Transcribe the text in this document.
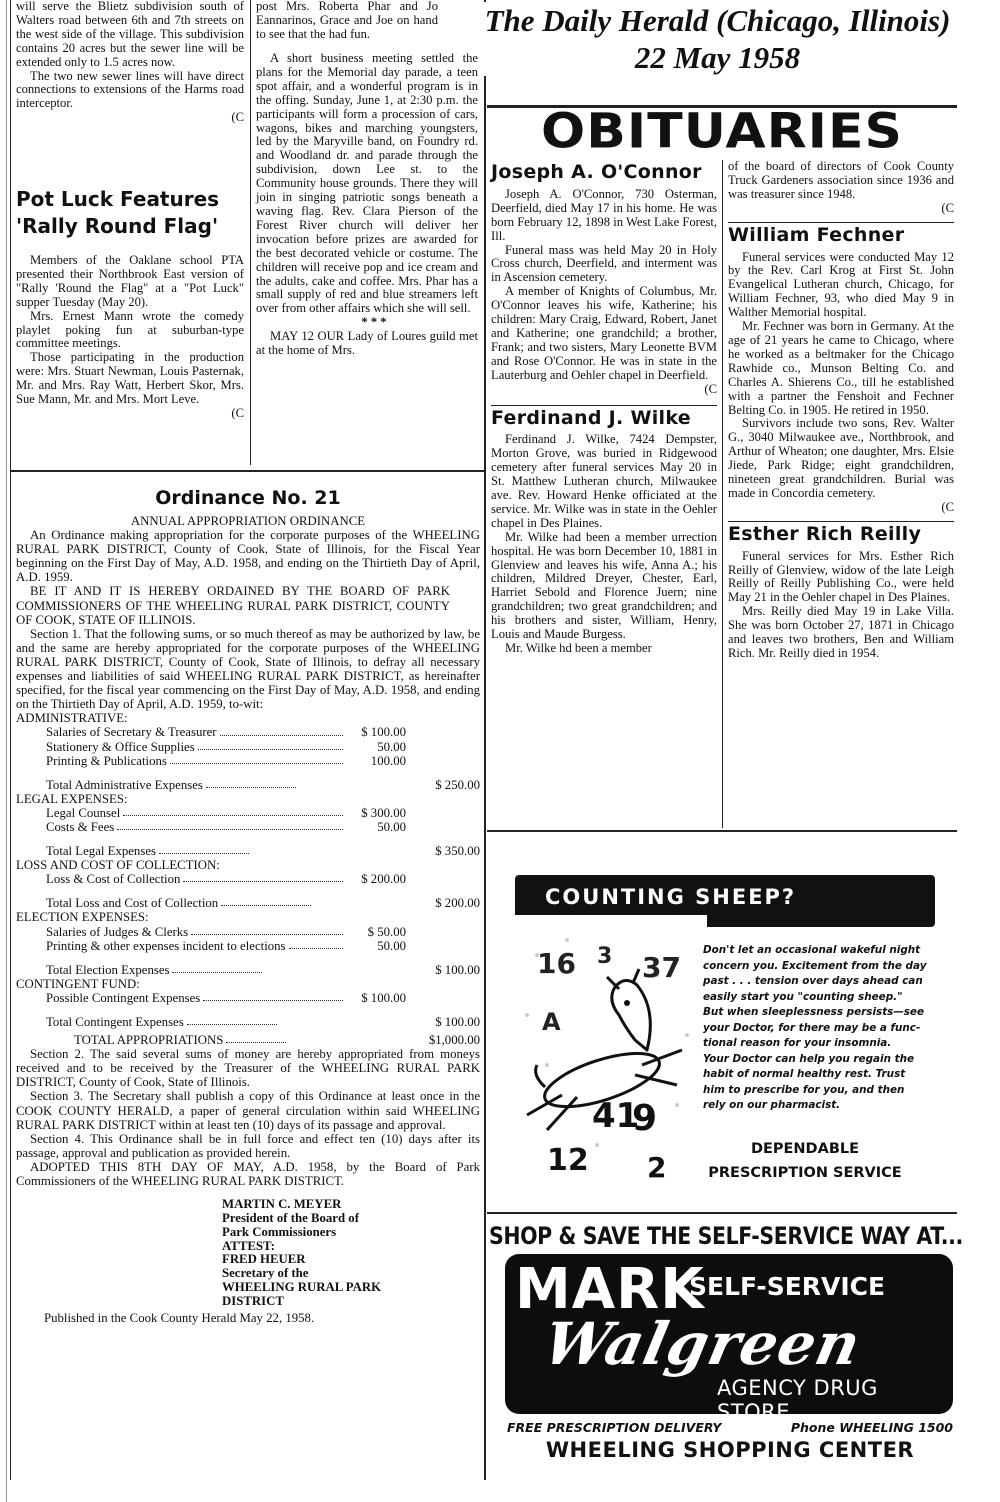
The Daily Herald (Chicago, Illinois)
22 May 1958

will serve the Blietz subdivision south of Walters road between 6th and 7th streets on the west side of the village. This subdivision contains 20 acres but the sewer line will be extended only to 1.5 acres now.

The two new sewer lines will have direct connections to extensions of the Harms road interceptor.

(C

Pot Luck Features
'Rally Round Flag'

Members of the Oaklane school PTA presented their Northbrook East version of "Rally 'Round the Flag" at a "Pot Luck" supper Tuesday (May 20).

Mrs. Ernest Mann wrote the comedy playlet poking fun at suburban-type committee meetings.

Those participating in the production were: Mrs. Stuart Newman, Louis Pasternak, Mr. and Mrs. Ray Watt, Herbert Skor, Mrs. Sue Mann, Mr. and Mrs. Mort Leve.

(C

post Mrs. Roberta Phar and Jo Eannarinos, Grace and Joe on hand to see that the had fun.

A short business meeting settled the plans for the Memorial day parade, a teen spot affair, and a wonderful program is in the offing. Sunday, June 1, at 2:30 p.m. the participants will form a procession of cars, wagons, bikes and marching youngsters, led by the Maryville band, on Foundry rd. and Woodland dr. and parade through the subdivision, down Lee st. to the Community house grounds. There they will join in singing patriotic songs beneath a waving flag. Rev. Clara Pierson of the Forest River church will deliver her invocation before prizes are awarded for the best decorated vehicle or costume. The children will receive pop and ice cream and the adults, cake and coffee. Mrs. Phar has a small supply of red and blue streamers left over from other affairs which she will sell.

* * *

MAY 12 OUR Lady of Loures guild met at the home of Mrs.

Ordinance No. 21
ANNUAL APPROPRIATION ORDINANCE

An Ordinance making appropriation for the corporate purposes of the WHEELING RURAL PARK DISTRICT, County of Cook, State of Illinois, for the Fiscal Year beginning on the First Day of May, A.D. 1958, and ending on the Thirtieth Day of April, A.D. 1959.

BE IT AND IT IS HEREBY ORDAINED BY THE BOARD OF PARK COMMISSIONERS OF THE WHEELING RURAL PARK DISTRICT, COUNTY OF COOK, STATE OF ILLINOIS.

Section 1. That the following sums, or so much thereof as may be authorized by law, be and the same are hereby appropriated for the corporate purposes of the WHEELING RURAL PARK DISTRICT, County of Cook, State of Illinois, to defray all necessary expenses and liabilities of said WHEELING RURAL PARK DISTRICT, as hereinafter specified, for the fiscal year commencing on the First Day of May, A.D. 1958, and ending on the Thirtieth Day of April, A.D. 1959, to-wit:

ADMINISTRATIVE:
Salaries of Secretary & Treasurer	$ 100.00
Stationery & Office Supplies	50.00
Printing & Publications	100.00
Total Administrative Expenses	$ 250.00
LEGAL EXPENSES:
Legal Counsel	$ 300.00
Costs & Fees	50.00
Total Legal Expenses	$ 350.00
LOSS AND COST OF COLLECTION:
Loss & Cost of Collection	$ 200.00
Total Loss and Cost of Collection	$ 200.00
ELECTION EXPENSES:
Salaries of Judges & Clerks	$ 50.00
Printing & other expenses incident to elections	50.00
Total Election Expenses	$ 100.00
CONTINGENT FUND:
Possible Contingent Expenses	$ 100.00
Total Contingent Expenses	$ 100.00
TOTAL APPROPRIATIONS	$1,000.00

Section 2. The said several sums of money are hereby appropriated from moneys received and to be received by the Treasurer of the WHEELING RURAL PARK DISTRICT, County of Cook, State of Illinois.

Section 3. The Secretary shall publish a copy of this Ordinance at least once in the COOK COUNTY HERALD, a paper of general circulation within said WHEELING RURAL PARK DISTRICT within at least ten (10) days of its passage and approval.

Section 4. This Ordinance shall be in full force and effect ten (10) days after its passage, approval and publication as provided herein.

ADOPTED THIS 8TH DAY OF MAY, A.D. 1958, by the Board of Park Commissioners of the WHEELING RURAL PARK DISTRICT.

MARTIN C. MEYER
President of the Board of
Park Commissioners
ATTEST:
FRED HEUER
Secretary of the
WHEELING RURAL PARK
DISTRICT
Published in the Cook County Herald May 22, 1958.
OBITUARIES
Joseph A. O'Connor

Joseph A. O'Connor, 730 Osterman, Deerfield, died May 17 in his home. He was born February 12, 1898 in West Lake Forest, Ill.

Funeral mass was held May 20 in Holy Cross church, Deerfield, and interment was in Ascension cemetery.

A member of Knights of Columbus, Mr. O'Connor leaves his wife, Katherine; his children: Mary Craig, Edward, Robert, Janet and Katherine; one grandchild; a brother, Frank; and two sisters, Mary Leonette BVM and Rose O'Connor. He was in state in the Lauterburg and Oehler chapel in Deerfield.

(C

Ferdinand J. Wilke

Ferdinand J. Wilke, 7424 Dempster, Morton Grove, was buried in Ridgewood cemetery after funeral services May 20 in St. Matthew Lutheran church, Milwaukee ave. Rev. Howard Henke officiated at the service. Mr. Wilke was in state in the Oehler chapel in Des Plaines.

Mr. Wilke had been a member urrection hospital. He was born December 10, 1881 in Glenview and leaves his wife, Anna A.; his children, Mildred Dreyer, Chester, Earl, Harriet Sebold and Florence Juern; nine grandchildren; two great grandchildren; and his brothers and sister, William, Henry, Louis and Maude Burgess.

Mr. Wilke hd been a member

of the board of directors of Cook County Truck Gardeners association since 1936 and was treasurer since 1948.

(C

William Fechner

Funeral services were conducted May 12 by the Rev. Carl Krog at First St. John Evangelical Lutheran church, Chicago, for William Fechner, 93, who died May 9 in Walther Memorial hospital.

Mr. Fechner was born in Germany. At the age of 21 years he came to Chicago, where he worked as a beltmaker for the Chicago Rawhide co., Munson Belting Co. and Charles A. Shierens Co., till he established with a partner the Fenshoit and Fechner Belting Co. in 1905. He retired in 1950.

Survivors include two sons, Rev. Walter G., 3040 Milwaukee ave., Northbrook, and Arthur of Wheaton; one daughter, Mrs. Elsie Jiede, Park Ridge; eight grandchildren, nineteen great grandchildren. Burial was made in Concordia cemetery.

(C

Esther Rich Reilly

Funeral services for Mrs. Esther Rich Reilly of Glenview, widow of the late Leigh Reilly of Reilly Publishing Co., were held May 21 in the Oehler chapel in Des Plaines.

Mrs. Reilly died May 19 in Lake Villa. She was born October 27, 1871 in Chicago and leaves two brothers, Ben and William Rich. Mr. Reilly died in 1954.

COUNTING SHEEP?
16 3 37
A
41
9
12 2
Don't let an occasional wakeful night
concern you. Excitement from the day
past . . . tension over days ahead can
easily start you "counting sheep."
But when sleeplessness persists—see
your Doctor, for there may be a func-
tional reason for your insomnia.
Your Doctor can help you regain the
habit of normal healthy rest. Trust
him to prescribe for you, and then
rely on our pharmacist.
DEPENDABLE
PRESCRIPTION SERVICE
SHOP & SAVE THE SELF-SERVICE WAY AT...
MARK
SELF-SERVICE
Walgreen
AGENCY DRUG STORE
FREE PRESCRIPTION DELIVERY	Phone WHEELING 1500
WHEELING SHOPPING CENTER
